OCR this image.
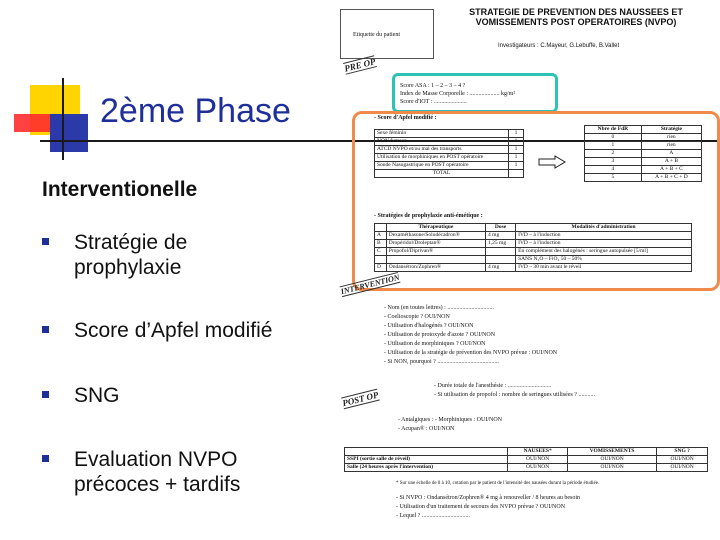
2ème Phase
Interventionelle
Stratégie de prophylaxie
Score d’Apfel modifié
SNG
Evaluation NVPO précoces + tardifs
Etiquette du patient
STRATEGIE DE PREVENTION DES NAUSSEES ET VOMISSEMENTS POST OPERATOIRES (NVPO)
Investigateurs : C.Mayeur, G.Lebuffe, B.Vallet
PRE OP
Score ASA : 1 – 2 – 3 – 4 ?
Index de Masse Corporelle : .................... kg/m²
Score d'IOT : ......................
- Score d'Apfel modifié :
Sexe féminin	1
NON fumeur	1
ATCD NVPO et/ou mal des transports	1
Utilisation de morphiniques en POST opératoire	1
Sonde Nasogastrique en POST opératoire	1
TOTAL	
Nbre de FdR	Stratégie
0	rien
1	rien
2	A
3	A + B
4	A + B + C
5	A + B + C + D
- Stratégies de prophylaxie anti-émétique :
	Thérapeutique	Dose	Modalités d'administration
A	Dexaméthasone/Soludécadron®	4 mg	IVD – à l'induction
B	Dropéridol/Droleptan®	1,25 mg	IVD – à l'induction
C	Propofol/Diprivan®		En complément des halogénés : seringue autopulsée [5/ml]
			SANS N₂O – FiO₂ 50 – 50%
D	Ondansétron/Zophren®	4 mg	IVD – 30 min avant le réveil
INTERVENTION
- Nom (en toutes lettres) : ...............................
- Coelioscopie ? OUI/NON
- Utilisation d'halogénés ? OUI/NON
- Utilisation de protoxyde d'azote ? OUI/NON
- Utilisation de morphiniques ? OUI/NON
- Utilisation de la stratégie de prévention des NVPO prévue : OUI/NON
- Si NON, pourquoi ? .........................................
POST OP
- Durée totale de l'anesthésie : .............................
- Si utilisation de propofol : nombre de seringues utilisées ? ...........
- Antalgiques : - Morphiniques : OUI/NON
- Acupan® : OUI/NON
	NAUSEES*	VOMISSEMENTS	SNG ?
SSPI (sortie salle de réveil)	OUI/NON	OUI/NON	OUI/NON
Salle (24 heures après l'intervention)	OUI/NON	OUI/NON	OUI/NON
* Sur une échelle de 0 à 10, cotation par le patient de l'intensité des nausées durant la période étudiée.
- Si NVPO : Ondansétron/Zophren® 4 mg à renouveller / 8 heures au besoin
- Utilisation d'un traitement de secours des NVPO prévue ? OUI/NON
- Lequel ? ................................
